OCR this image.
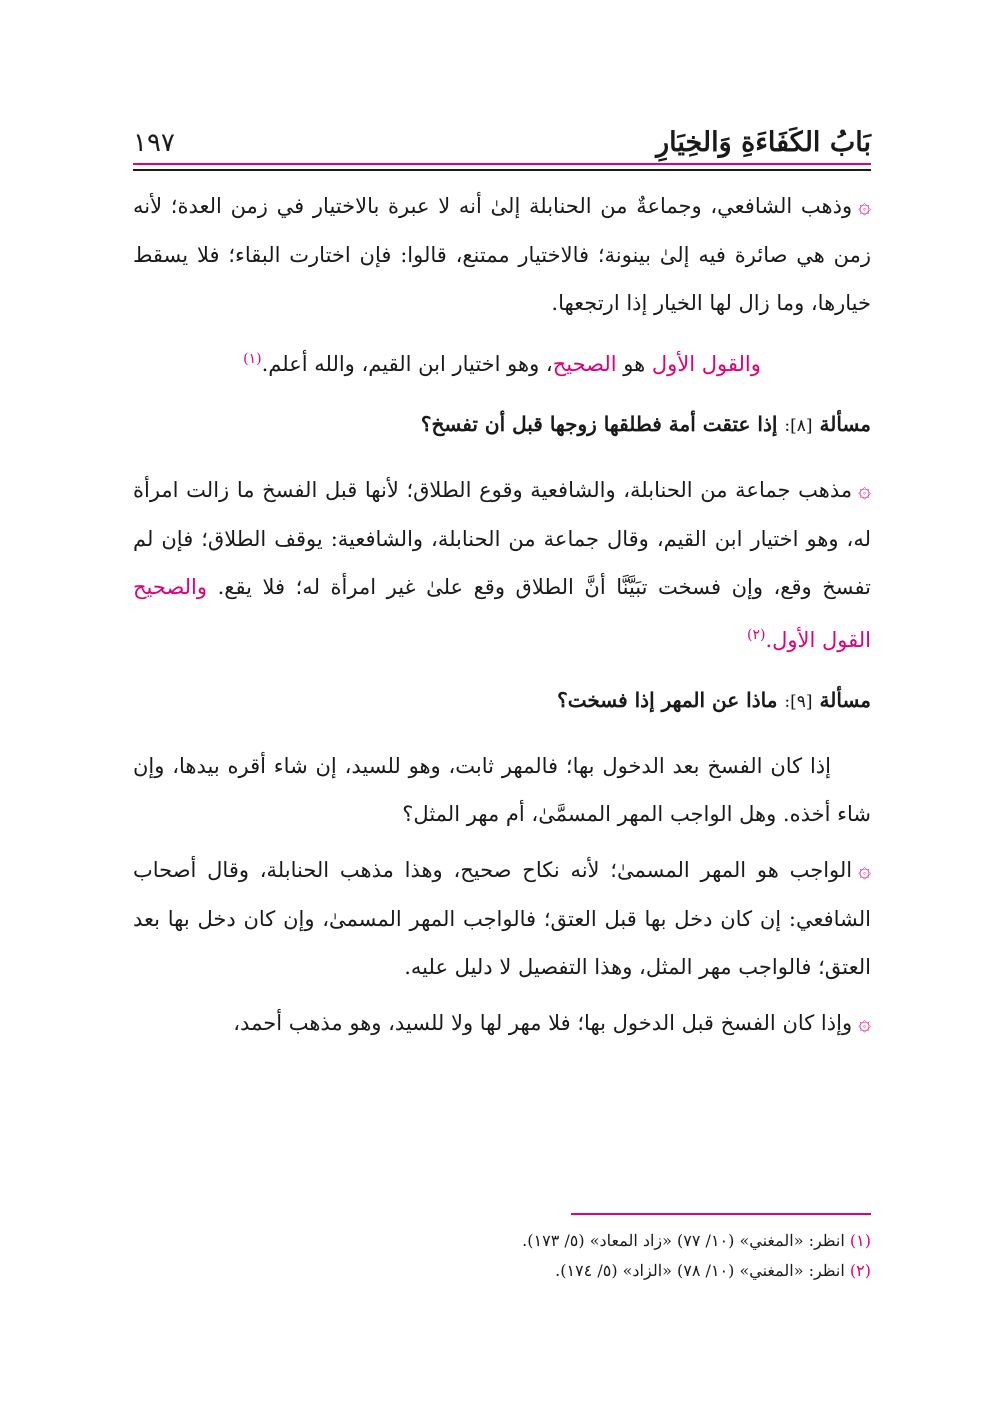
بَابُ الكَفَاءَةِ وَالخِيَارِ
١٩٧

۞وذهب الشافعي، وجماعةٌ من الحنابلة إلىٰ أنه لا عبرة بالاختيار في زمن العدة؛ لأنه زمن هي صائرة فيه إلىٰ بينونة؛ فالاختيار ممتنع، قالوا: فإن اختارت البقاء؛ فلا يسقط خيارها، وما زال لها الخيار إذا ارتجعها.

والقول الأول هو الصحيح، وهو اختيار ابن القيم، والله أعلم.$^{(١)}$

مسألة [٨]: إذا عتقت أمة فطلقها زوجها قبل أن تفسخ؟

۞مذهب جماعة من الحنابلة، والشافعية وقوع الطلاق؛ لأنها قبل الفسخ ما زالت امرأة له، وهو اختيار ابن القيم، وقال جماعة من الحنابلة، والشافعية: يوقف الطلاق؛ فإن لم تفسخ وقع، وإن فسخت تبَيَّنَّا أنَّ الطلاق وقع علىٰ غير امرأة له؛ فلا يقع. والصحيح القول الأول.$^{(٢)}$

مسألة [٩]: ماذا عن المهر إذا فسخت؟

إذا كان الفسخ بعد الدخول بها؛ فالمهر ثابت، وهو للسيد، إن شاء أقره بيدها، وإن شاء أخذه. وهل الواجب المهر المسمَّىٰ، أم مهر المثل؟

۞الواجب هو المهر المسمىٰ؛ لأنه نكاح صحيح، وهذا مذهب الحنابلة، وقال أصحاب الشافعي: إن كان دخل بها قبل العتق؛ فالواجب المهر المسمىٰ، وإن كان دخل بها بعد العتق؛ فالواجب مهر المثل، وهذا التفصيل لا دليل عليه.

۞وإذا كان الفسخ قبل الدخول بها؛ فلا مهر لها ولا للسيد، وهو مذهب أحمد،

(١) انظر: «المغني» (١٠/ ٧٧) «زاد المعاد» (٥/ ١٧٣).
(٢) انظر: «المغني» (١٠/ ٧٨) «الزاد» (٥/ ١٧٤).
